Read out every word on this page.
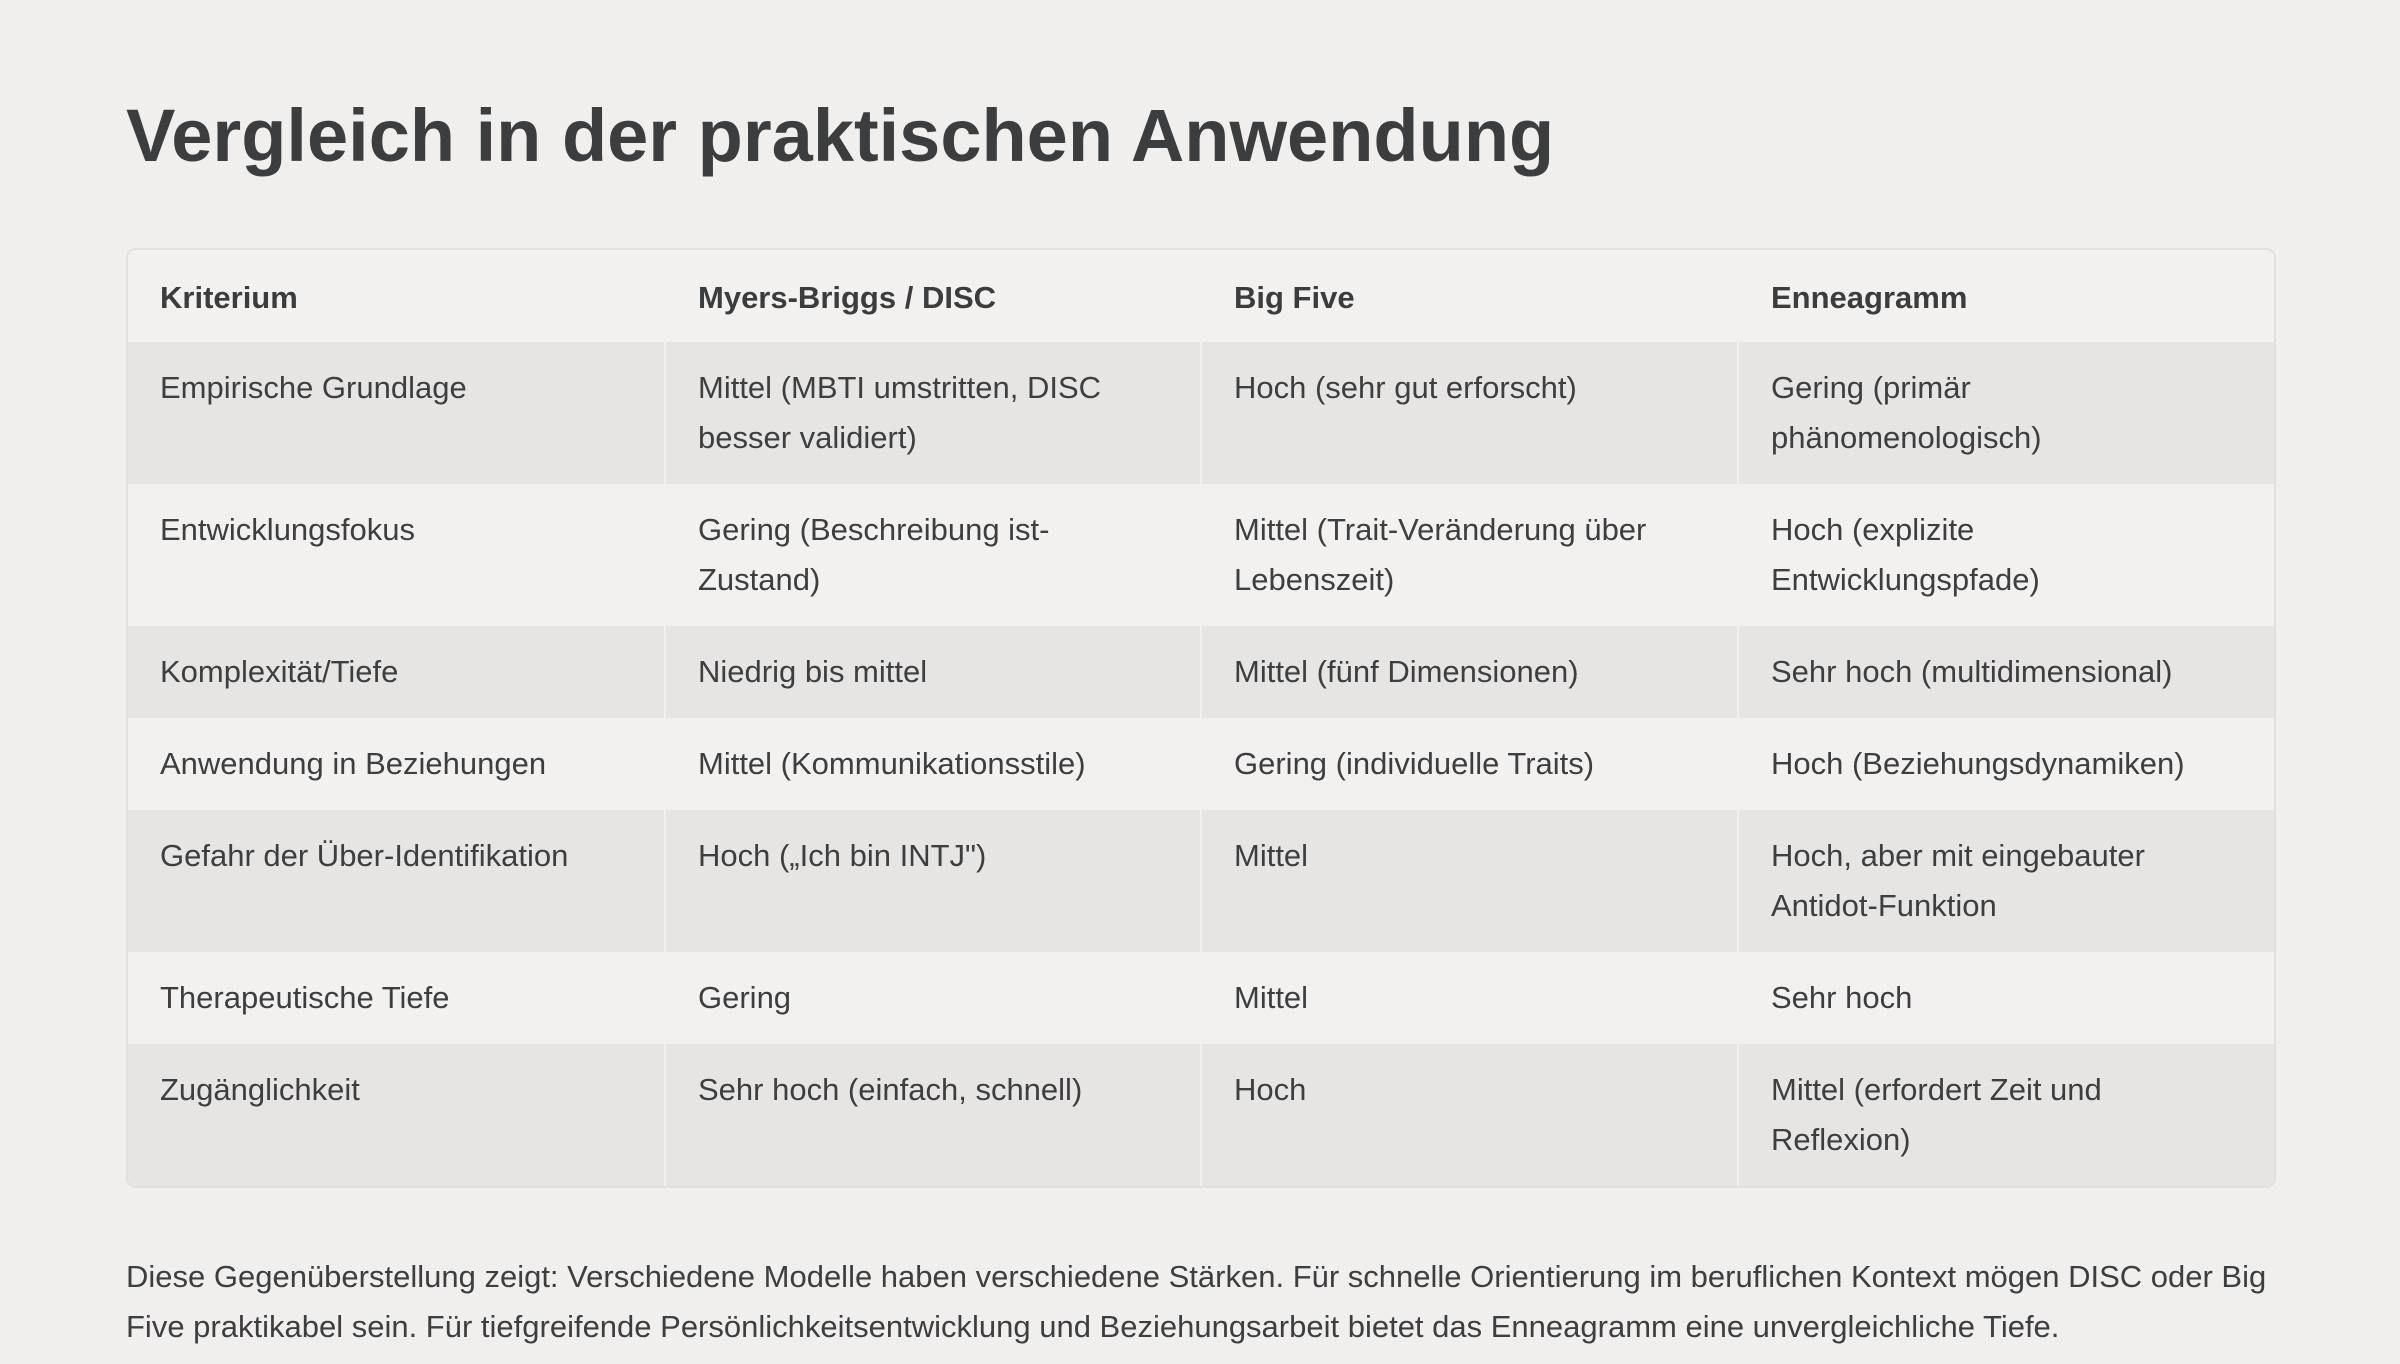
Vergleich in der praktischen Anwendung
Kriterium	Myers-Briggs / DISC	Big Five	Enneagramm
Empirische Grundlage	Mittel (MBTI umstritten, DISC besser validiert)	Hoch (sehr gut erforscht)	Gering (primär phänomenologisch)
Entwicklungsfokus	Gering (Beschreibung ist-Zustand)	Mittel (Trait-Veränderung über Lebenszeit)	Hoch (explizite Entwicklungspfade)
Komplexität/Tiefe	Niedrig bis mittel	Mittel (fünf Dimensionen)	Sehr hoch (multidimensional)
Anwendung in Beziehungen	Mittel (Kommunikationsstile)	Gering (individuelle Traits)	Hoch (Beziehungsdynamiken)
Gefahr der Über-Identifikation	Hoch („Ich bin INTJ")	Mittel	Hoch, aber mit eingebauter Antidot-Funktion
Therapeutische Tiefe	Gering	Mittel	Sehr hoch
Zugänglichkeit	Sehr hoch (einfach, schnell)	Hoch	Mittel (erfordert Zeit und Reflexion)

Diese Gegenüberstellung zeigt: Verschiedene Modelle haben verschiedene Stärken. Für schnelle Orientierung im beruflichen Kontext mögen DISC oder Big Five praktikabel sein. Für tiefgreifende Persönlichkeitsentwicklung und Beziehungsarbeit bietet das Enneagramm eine unvergleichliche Tiefe.
